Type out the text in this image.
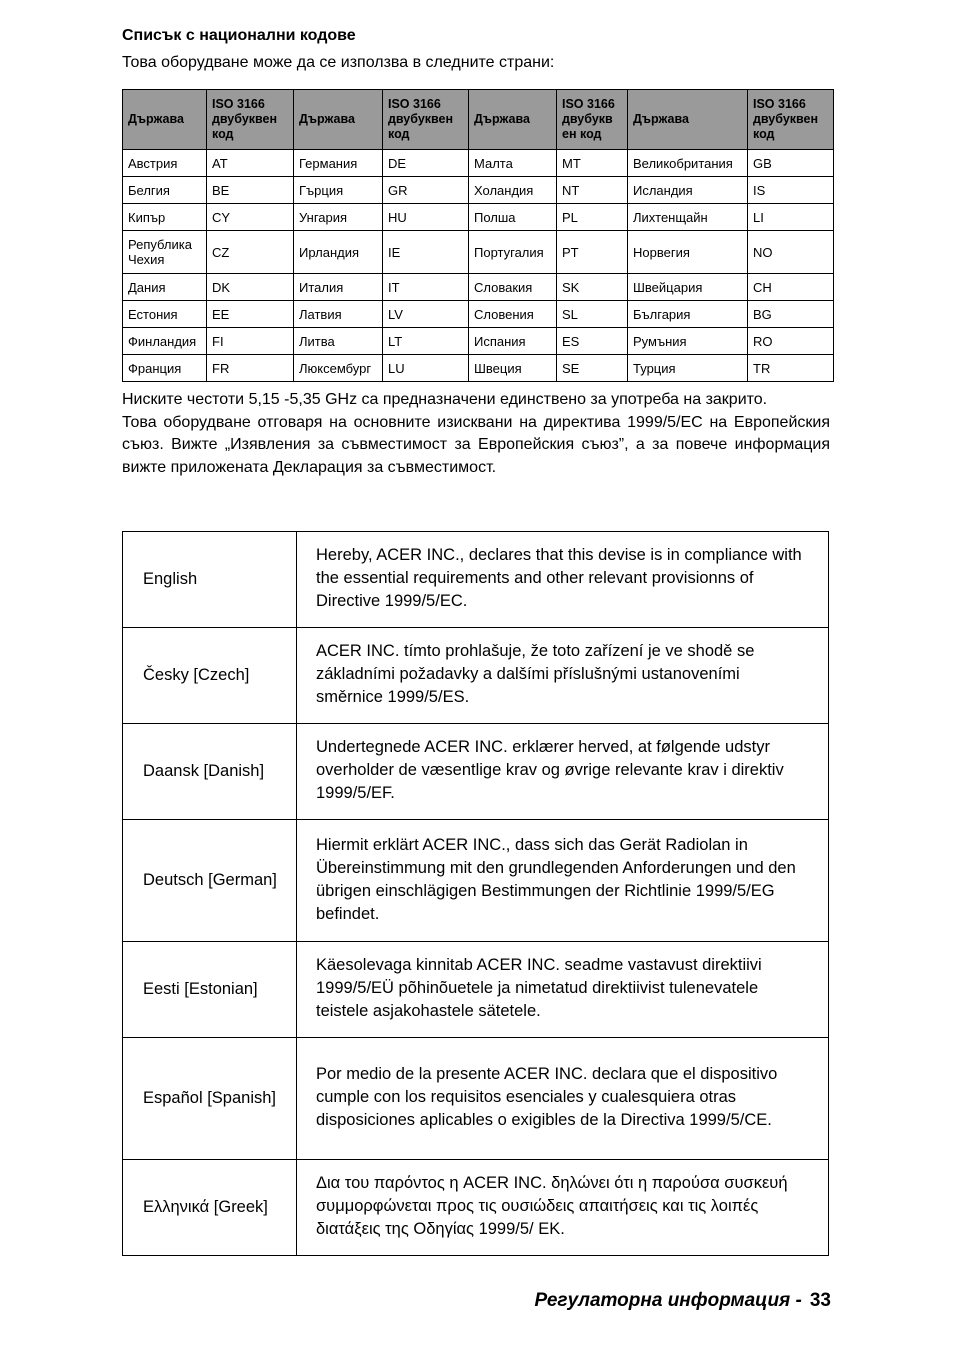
Списък с национални кодове
Това оборудване може да се използва в следните страни:
Държава	ISO 3166 двубуквен код	Държава	ISO 3166 двубуквен код	Държава	ISO 3166 двубукв ен код	Държава	ISO 3166 двубуквен код
Австрия	AT	Германия	DE	Малта	MT	Великобритания	GB
Белгия	BE	Гърция	GR	Холандия	NT	Исландия	IS
Кипър	CY	Унгария	HU	Полша	PL	Лихтенщайн	LI
Република Чехия	CZ	Ирландия	IE	Португалия	PT	Норвегия	NO
Дания	DK	Италия	IT	Словакия	SK	Швейцария	CH
Естония	EE	Латвия	LV	Словения	SL	България	BG
Финландия	FI	Литва	LT	Испания	ES	Румъния	RO
Франция	FR	Люксембург	LU	Швеция	SE	Турция	TR

Ниските честоти 5,15 -5,35 GHz са предназначени единствено за употреба на закрито.

Това оборудване отговаря на основните изисквани на директива 1999/5/EC на Европейския съюз. Вижте „Изявления за съвместимост за Европейския съюз”, а за повече информация вижте приложената Декларация за съвместимост.

English	Hereby, ACER INC., declares that this devise is in compliance with the essential requirements and other relevant provisionns of Directive 1999/5/EC.
Česky [Czech]	ACER INC. tímto prohlašuje, že toto zařízení je ve shodě se základními požadavky a dalšími příslušnými ustanoveními směrnice 1999/5/ES.
Daansk [Danish]	Undertegnede ACER INC. erklærer herved, at følgende udstyr overholder de væsentlige krav og øvrige relevante krav i direktiv 1999/5/EF.
Deutsch [German]	Hiermit erklärt ACER INC., dass sich das Gerät Radiolan in Übereinstimmung mit den grundlegenden Anforderungen und den übrigen einschlägigen Bestimmungen der Richtlinie 1999/5/EG befindet.
Eesti [Estonian]	Käesolevaga kinnitab ACER INC. seadme vastavust direktiivi 1999/5/EÜ põhinõuetele ja nimetatud direktiivist tulenevatele teistele asjakohastele sätetele.
Español [Spanish]	Por medio de la presente ACER INC. declara que el dispositivo cumple con los requisitos esenciales y cualesquiera otras disposiciones aplicables o exigibles de la Directiva 1999/5/CE.
Ελληνικά [Greek]	Δια του παρόντος η ACER INC. δηλώνει ότι η παρούσα συσκευή συμμορφώνεται προς τις ουσιώδεις απαιτήσεις και τις λοιπές διατάξεις της Οδηγίας 1999/5/ EK.
Регулаторна информация - 33
